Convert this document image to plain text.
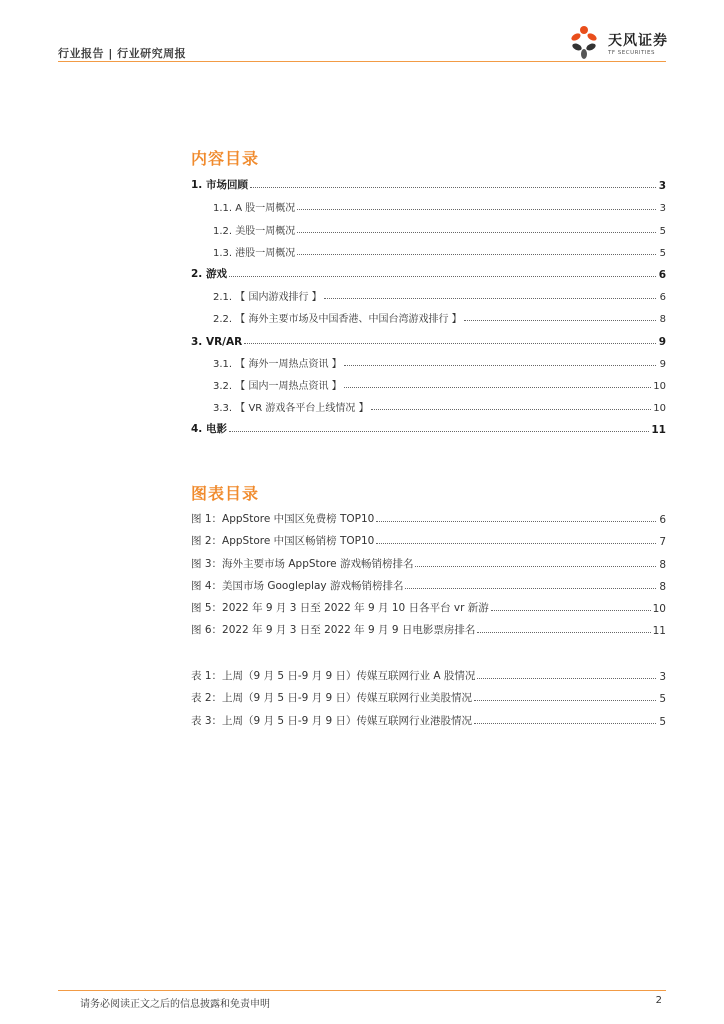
行业报告 | 行业研究周报
天风证券
TF SECURITIES
内容目录
1. 市场回顾	3
1.1. A 股一周概况	3
1.2. 美股一周概况	5
1.3. 港股一周概况	5
2. 游戏	6
2.1. 【 国内游戏排行 】	6
2.2. 【 海外主要市场及中国香港、中国台湾游戏排行 】	8
3. VR/AR	9
3.1. 【 海外一周热点资讯 】	9
3.2. 【 国内一周热点资讯 】	10
3.3. 【 VR 游戏各平台上线情况 】	10
4. 电影	11
图表目录
图 1：AppStore 中国区免费榜 TOP10	6
图 2：AppStore 中国区畅销榜 TOP10	7
图 3：海外主要市场 AppStore 游戏畅销榜排名	8
图 4：美国市场 Googleplay 游戏畅销榜排名	8
图 5：2022 年 9 月 3 日至 2022 年 9 月 10 日各平台 vr 新游	10
图 6：2022 年 9 月 3 日至 2022 年 9 月 9 日电影票房排名	11
表 1：上周（9 月 5 日-9 月 9 日）传媒互联网行业 A 股情况	3
表 2：上周（9 月 5 日-9 月 9 日）传媒互联网行业美股情况	5
表 3：上周（9 月 5 日-9 月 9 日）传媒互联网行业港股情况	5
请务必阅读正文之后的信息披露和免责申明	2
